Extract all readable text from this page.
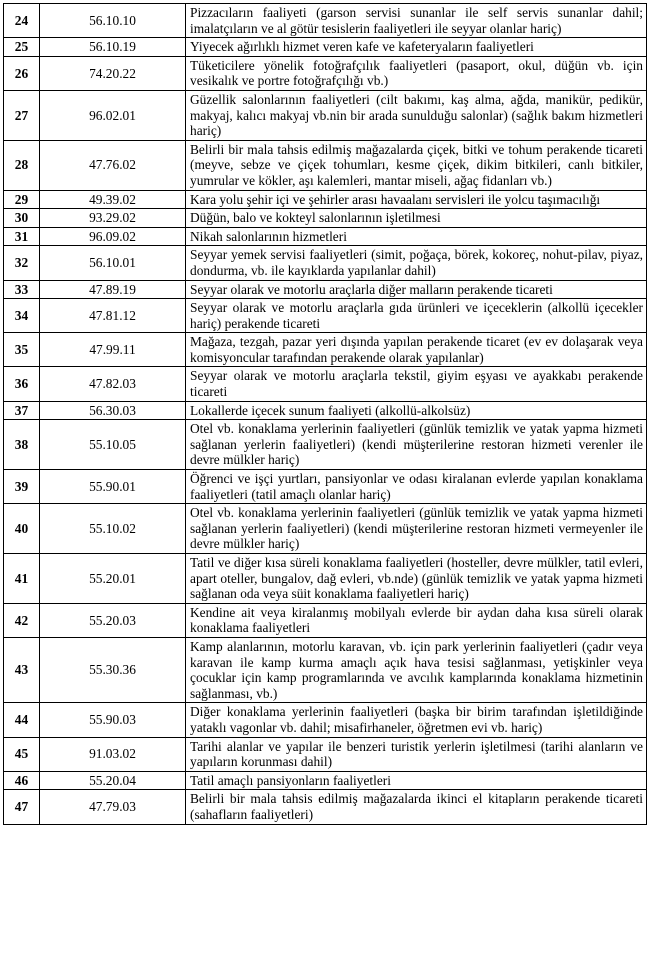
24	56.10.10	Pizzacıların faaliyeti (garson servisi sunanlar ile self servis sunanlar dahil; imalatçıların ve al götür tesislerin faaliyetleri ile seyyar olanlar hariç)
25	56.10.19	Yiyecek ağırlıklı hizmet veren kafe ve kafeteryaların faaliyetleri
26	74.20.22	Tüketicilere yönelik fotoğrafçılık faaliyetleri (pasaport, okul, düğün vb. için vesikalık ve portre fotoğrafçılığı vb.)
27	96.02.01	Güzellik salonlarının faaliyetleri (cilt bakımı, kaş alma, ağda, manikür, pedikür, makyaj, kalıcı makyaj vb.nin bir arada sunulduğu salonlar) (sağlık bakım hizmetleri hariç)
28	47.76.02	Belirli bir mala tahsis edilmiş mağazalarda çiçek, bitki ve tohum perakende ticareti (meyve, sebze ve çiçek tohumları, kesme çiçek, dikim bitkileri, canlı bitkiler, yumrular ve kökler, aşı kalemleri, mantar miseli, ağaç fidanları vb.)
29	49.39.02	Kara yolu şehir içi ve şehirler arası havaalanı servisleri ile yolcu taşımacılığı
30	93.29.02	Düğün, balo ve kokteyl salonlarının işletilmesi
31	96.09.02	Nikah salonlarının hizmetleri
32	56.10.01	Seyyar yemek servisi faaliyetleri (simit, poğaça, börek, kokoreç, nohut-pilav, piyaz, dondurma, vb. ile kayıklarda yapılanlar dahil)
33	47.89.19	Seyyar olarak ve motorlu araçlarla diğer malların perakende ticareti
34	47.81.12	Seyyar olarak ve motorlu araçlarla gıda ürünleri ve içeceklerin (alkollü içecekler hariç) perakende ticareti
35	47.99.11	Mağaza, tezgah, pazar yeri dışında yapılan perakende ticaret (ev ev dolaşarak veya komisyoncular tarafından perakende olarak yapılanlar)
36	47.82.03	Seyyar olarak ve motorlu araçlarla tekstil, giyim eşyası ve ayakkabı perakende ticareti
37	56.30.03	Lokallerde içecek sunum faaliyeti (alkollü-alkolsüz)
38	55.10.05	Otel vb. konaklama yerlerinin faaliyetleri (günlük temizlik ve yatak yapma hizmeti sağlanan yerlerin faaliyetleri) (kendi müşterilerine restoran hizmeti verenler ile devre mülkler hariç)
39	55.90.01	Öğrenci ve işçi yurtları, pansiyonlar ve odası kiralanan evlerde yapılan konaklama faaliyetleri (tatil amaçlı olanlar hariç)
40	55.10.02	Otel vb. konaklama yerlerinin faaliyetleri (günlük temizlik ve yatak yapma hizmeti sağlanan yerlerin faaliyetleri) (kendi müşterilerine restoran hizmeti vermeyenler ile devre mülkler hariç)
41	55.20.01	Tatil ve diğer kısa süreli konaklama faaliyetleri (hosteller, devre mülkler, tatil evleri, apart oteller, bungalov, dağ evleri, vb.nde) (günlük temizlik ve yatak yapma hizmeti sağlanan oda veya süit konaklama faaliyetleri hariç)
42	55.20.03	Kendine ait veya kiralanmış mobilyalı evlerde bir aydan daha kısa süreli olarak konaklama faaliyetleri
43	55.30.36	Kamp alanlarının, motorlu karavan, vb. için park yerlerinin faaliyetleri (çadır veya karavan ile kamp kurma amaçlı açık hava tesisi sağlanması, yetişkinler veya çocuklar için kamp programlarında ve avcılık kamplarında konaklama hizmetinin sağlanması, vb.)
44	55.90.03	Diğer konaklama yerlerinin faaliyetleri (başka bir birim tarafından işletildiğinde yataklı vagonlar vb. dahil; misafirhaneler, öğretmen evi vb. hariç)
45	91.03.02	Tarihi alanlar ve yapılar ile benzeri turistik yerlerin işletilmesi (tarihi alanların ve yapıların korunması dahil)
46	55.20.04	Tatil amaçlı pansiyonların faaliyetleri
47	47.79.03	Belirli bir mala tahsis edilmiş mağazalarda ikinci el kitapların perakende ticareti (sahafların faaliyetleri)
